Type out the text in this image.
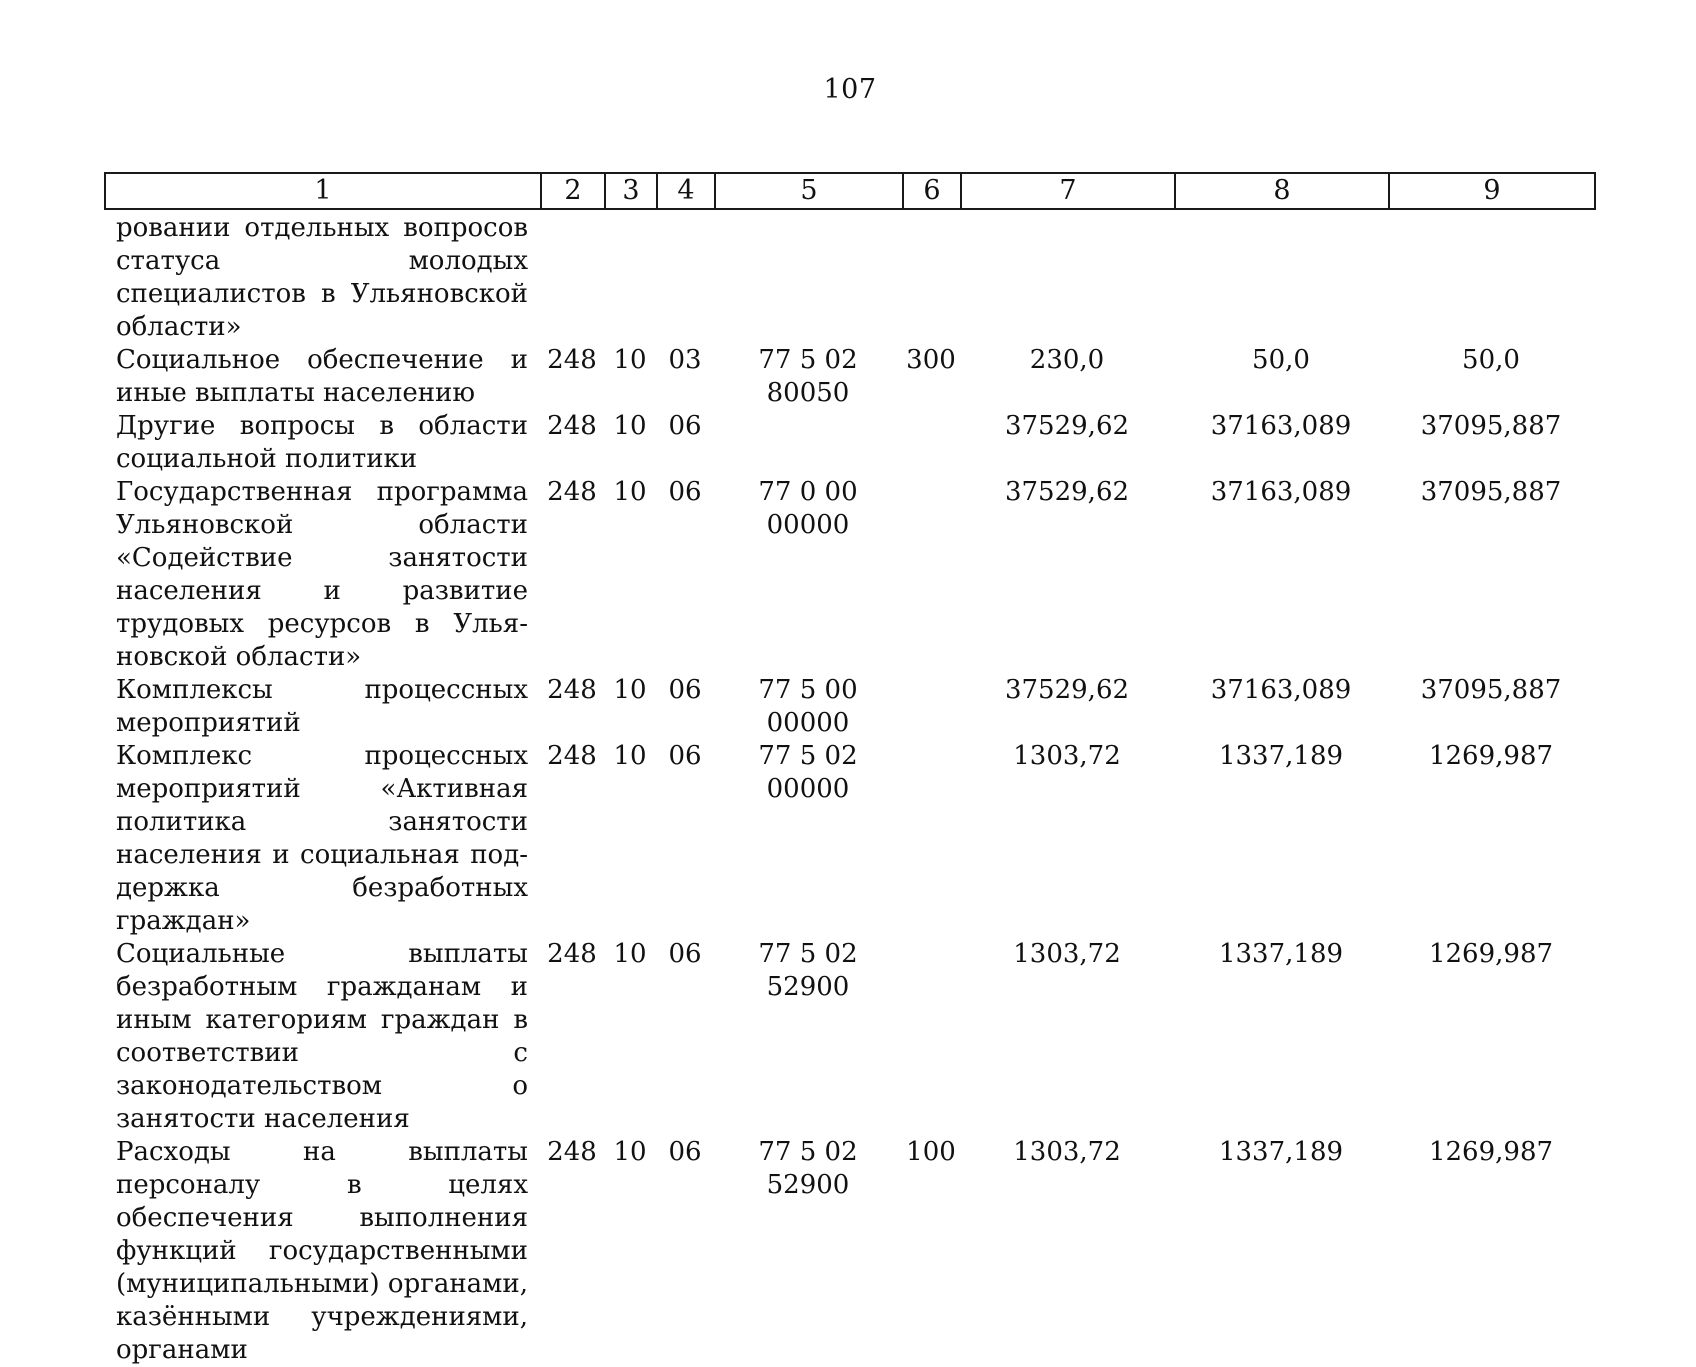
107
1	2	3	4	5	6	7	8	9
ровании отдельных вопросов статуса молодых специалистов в Ульяновской области»								
Социальное обеспечение и иные выплаты населению	248	10	03	77 5 02 80050	300	230,0	50,0	50,0
Другие вопросы в области социальной политики	248	10	06			37529,62	37163,089	37095,887
Государственная программа Ульяновской области «Содействие занятости населения и развитие трудовых ресурсов в Ульяновской области»	248	10	06	77 0 00 00000		37529,62	37163,089	37095,887
Комплексы процессных мероприятий	248	10	06	77 5 00 00000		37529,62	37163,089	37095,887
Комплекс процессных мероприятий «Активная политика занятости населения и социальная поддержка безработных граждан»	248	10	06	77 5 02 00000		1303,72	1337,189	1269,987
Социальные выплаты безработным гражданам и иным категориям граждан в соответствии с законодательством о занятости населения	248	10	06	77 5 02 52900		1303,72	1337,189	1269,987
Расходы на выплаты персоналу в целях обеспечения выполнения функций государственными (муниципальными) органами, казёнными учреждениями, органами	248	10	06	77 5 02 52900	100	1303,72	1337,189	1269,987
